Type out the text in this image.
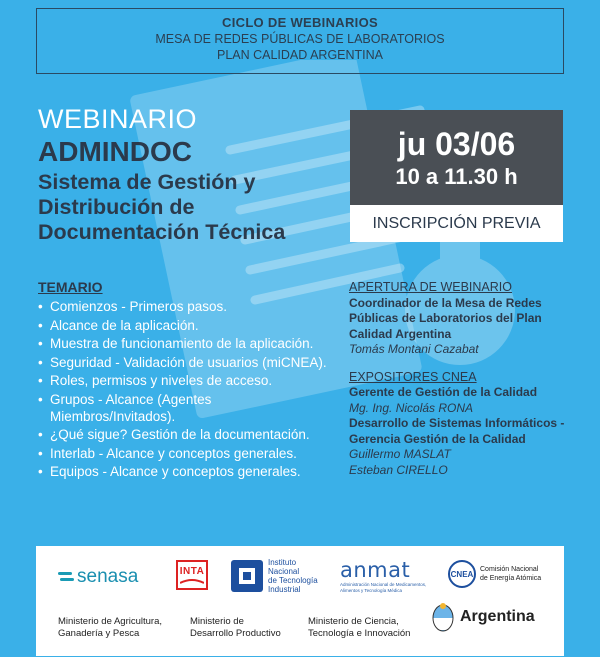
CICLO DE WEBINARIOS
MESA DE REDES PÚBLICAS DE LABORATORIOS
PLAN CALIDAD ARGENTINA
WEBINARIO
ADMINDOC
Sistema de Gestión y
Distribución de
Documentación Técnica
ju 03/06
10 a 11.30 h
INSCRIPCIÓN PREVIA
TEMARIO
• Comienzos - Primeros pasos.
• Alcance de la aplicación.
• Muestra de funcionamiento de la aplicación.
• Seguridad - Validación de usuarios (miCNEA).
• Roles, permisos y niveles de acceso.
• Grupos - Alcance (Agentes Miembros/Invitados).
• ¿Qué sigue? Gestión de la documentación.
• Interlab - Alcance y conceptos generales.
• Equipos - Alcance y conceptos generales.
APERTURA DE WEBINARIO
Coordinador de la Mesa de Redes
Públicas de Laboratorios del Plan
Calidad Argentina
Tomás Montani Cazabat
EXPOSITORES CNEA
Gerente de Gestión de la Calidad
Mg. Ing. Nicolás RONA
Desarrollo de Sistemas Informáticos -
Gerencia Gestión de la Calidad
Guillermo MASLAT
Esteban CIRELLO
senasa	INTA
Instituto
Nacional
de Tecnología
Industrial
anmat
Administración Nacional de Medicamentos,
Alimentos y Tecnología Médica
CNEA Comisión Nacional
de Energía Atómica
Ministerio de Agricultura,
Ganadería y Pesca
Ministerio de
Desarrollo Productivo
Ministerio de Ciencia,
Tecnología e Innovación
Argentina
